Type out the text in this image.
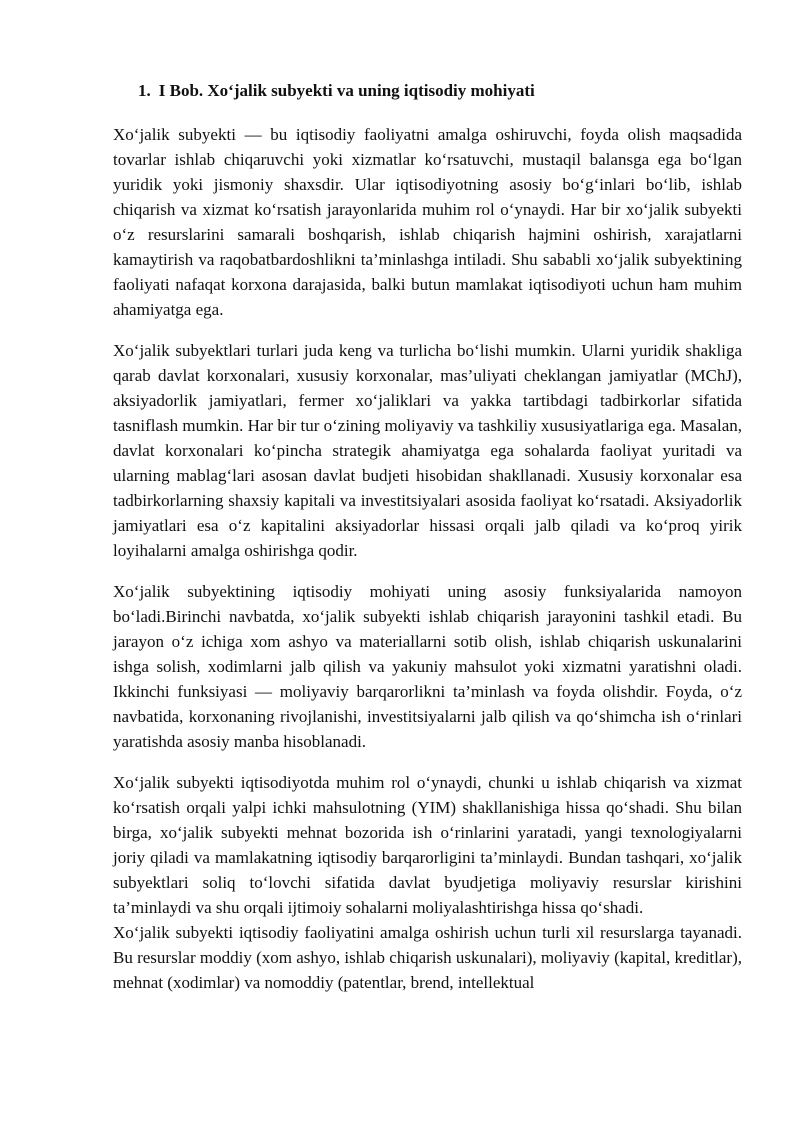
1. I Bob. Xo‘jalik subyekti va uning iqtisodiy mohiyati

Xo‘jalik subyekti — bu iqtisodiy faoliyatni amalga oshiruvchi, foyda olish maqsadida tovarlar ishlab chiqaruvchi yoki xizmatlar ko‘rsatuvchi, mustaqil balansga ega bo‘lgan yuridik yoki jismoniy shaxsdir. Ular iqtisodiyotning asosiy bo‘g‘inlari bo‘lib, ishlab chiqarish va xizmat ko‘rsatish jarayonlarida muhim rol o‘ynaydi. Har bir xo‘jalik subyekti o‘z resurslarini samarali boshqarish, ishlab chiqarish hajmini oshirish, xarajatlarni kamaytirish va raqobatbardoshlikni ta’minlashga intiladi. Shu sababli xo‘jalik subyektining faoliyati nafaqat korxona darajasida, balki butun mamlakat iqtisodiyoti uchun ham muhim ahamiyatga ega.

Xo‘jalik subyektlari turlari juda keng va turlicha bo‘lishi mumkin. Ularni yuridik shakliga qarab davlat korxonalari, xususiy korxonalar, mas’uliyati cheklangan jamiyatlar (MChJ), aksiyadorlik jamiyatlari, fermer xo‘jaliklari va yakka tartibdagi tadbirkorlar sifatida tasniflash mumkin. Har bir tur o‘zining moliyaviy va tashkiliy xususiyatlariga ega. Masalan, davlat korxonalari ko‘pincha strategik ahamiyatga ega sohalarda faoliyat yuritadi va ularning mablag‘lari asosan davlat budjeti hisobidan shakllanadi. Xususiy korxonalar esa tadbirkorlarning shaxsiy kapitali va investitsiyalari asosida faoliyat ko‘rsatadi. Aksiyadorlik jamiyatlari esa o‘z kapitalini aksiyadorlar hissasi orqali jalb qiladi va ko‘proq yirik loyihalarni amalga oshirishga qodir.

Xo‘jalik subyektining iqtisodiy mohiyati uning asosiy funksiyalarida namoyon bo‘ladi.Birinchi navbatda, xo‘jalik subyekti ishlab chiqarish jarayonini tashkil etadi. Bu jarayon o‘z ichiga xom ashyo va materiallarni sotib olish, ishlab chiqarish uskunalarini ishga solish, xodimlarni jalb qilish va yakuniy mahsulot yoki xizmatni yaratishni oladi. Ikkinchi funksiyasi — moliyaviy barqarorlikni ta’minlash va foyda olishdir. Foyda, o‘z navbatida, korxonaning rivojlanishi, investitsiyalarni jalb qilish va qo‘shimcha ish o‘rinlari yaratishda asosiy manba hisoblanadi.

Xo‘jalik subyekti iqtisodiyotda muhim rol o‘ynaydi, chunki u ishlab chiqarish va xizmat ko‘rsatish orqali yalpi ichki mahsulotning (YIM) shakllanishiga hissa qo‘shadi. Shu bilan birga, xo‘jalik subyekti mehnat bozorida ish o‘rinlarini yaratadi, yangi texnologiyalarni joriy qiladi va mamlakatning iqtisodiy barqarorligini ta’minlaydi. Bundan tashqari, xo‘jalik subyektlari soliq to‘lovchi sifatida davlat byudjetiga moliyaviy resurslar kirishini ta’minlaydi va shu orqali ijtimoiy sohalarni moliyalashtirishga hissa qo‘shadi.

Xo‘jalik subyekti iqtisodiy faoliyatini amalga oshirish uchun turli xil resurslarga tayanadi. Bu resurslar moddiy (xom ashyo, ishlab chiqarish uskunalari), moliyaviy (kapital, kreditlar), mehnat (xodimlar) va nomoddiy (patentlar, brend, intellektual
